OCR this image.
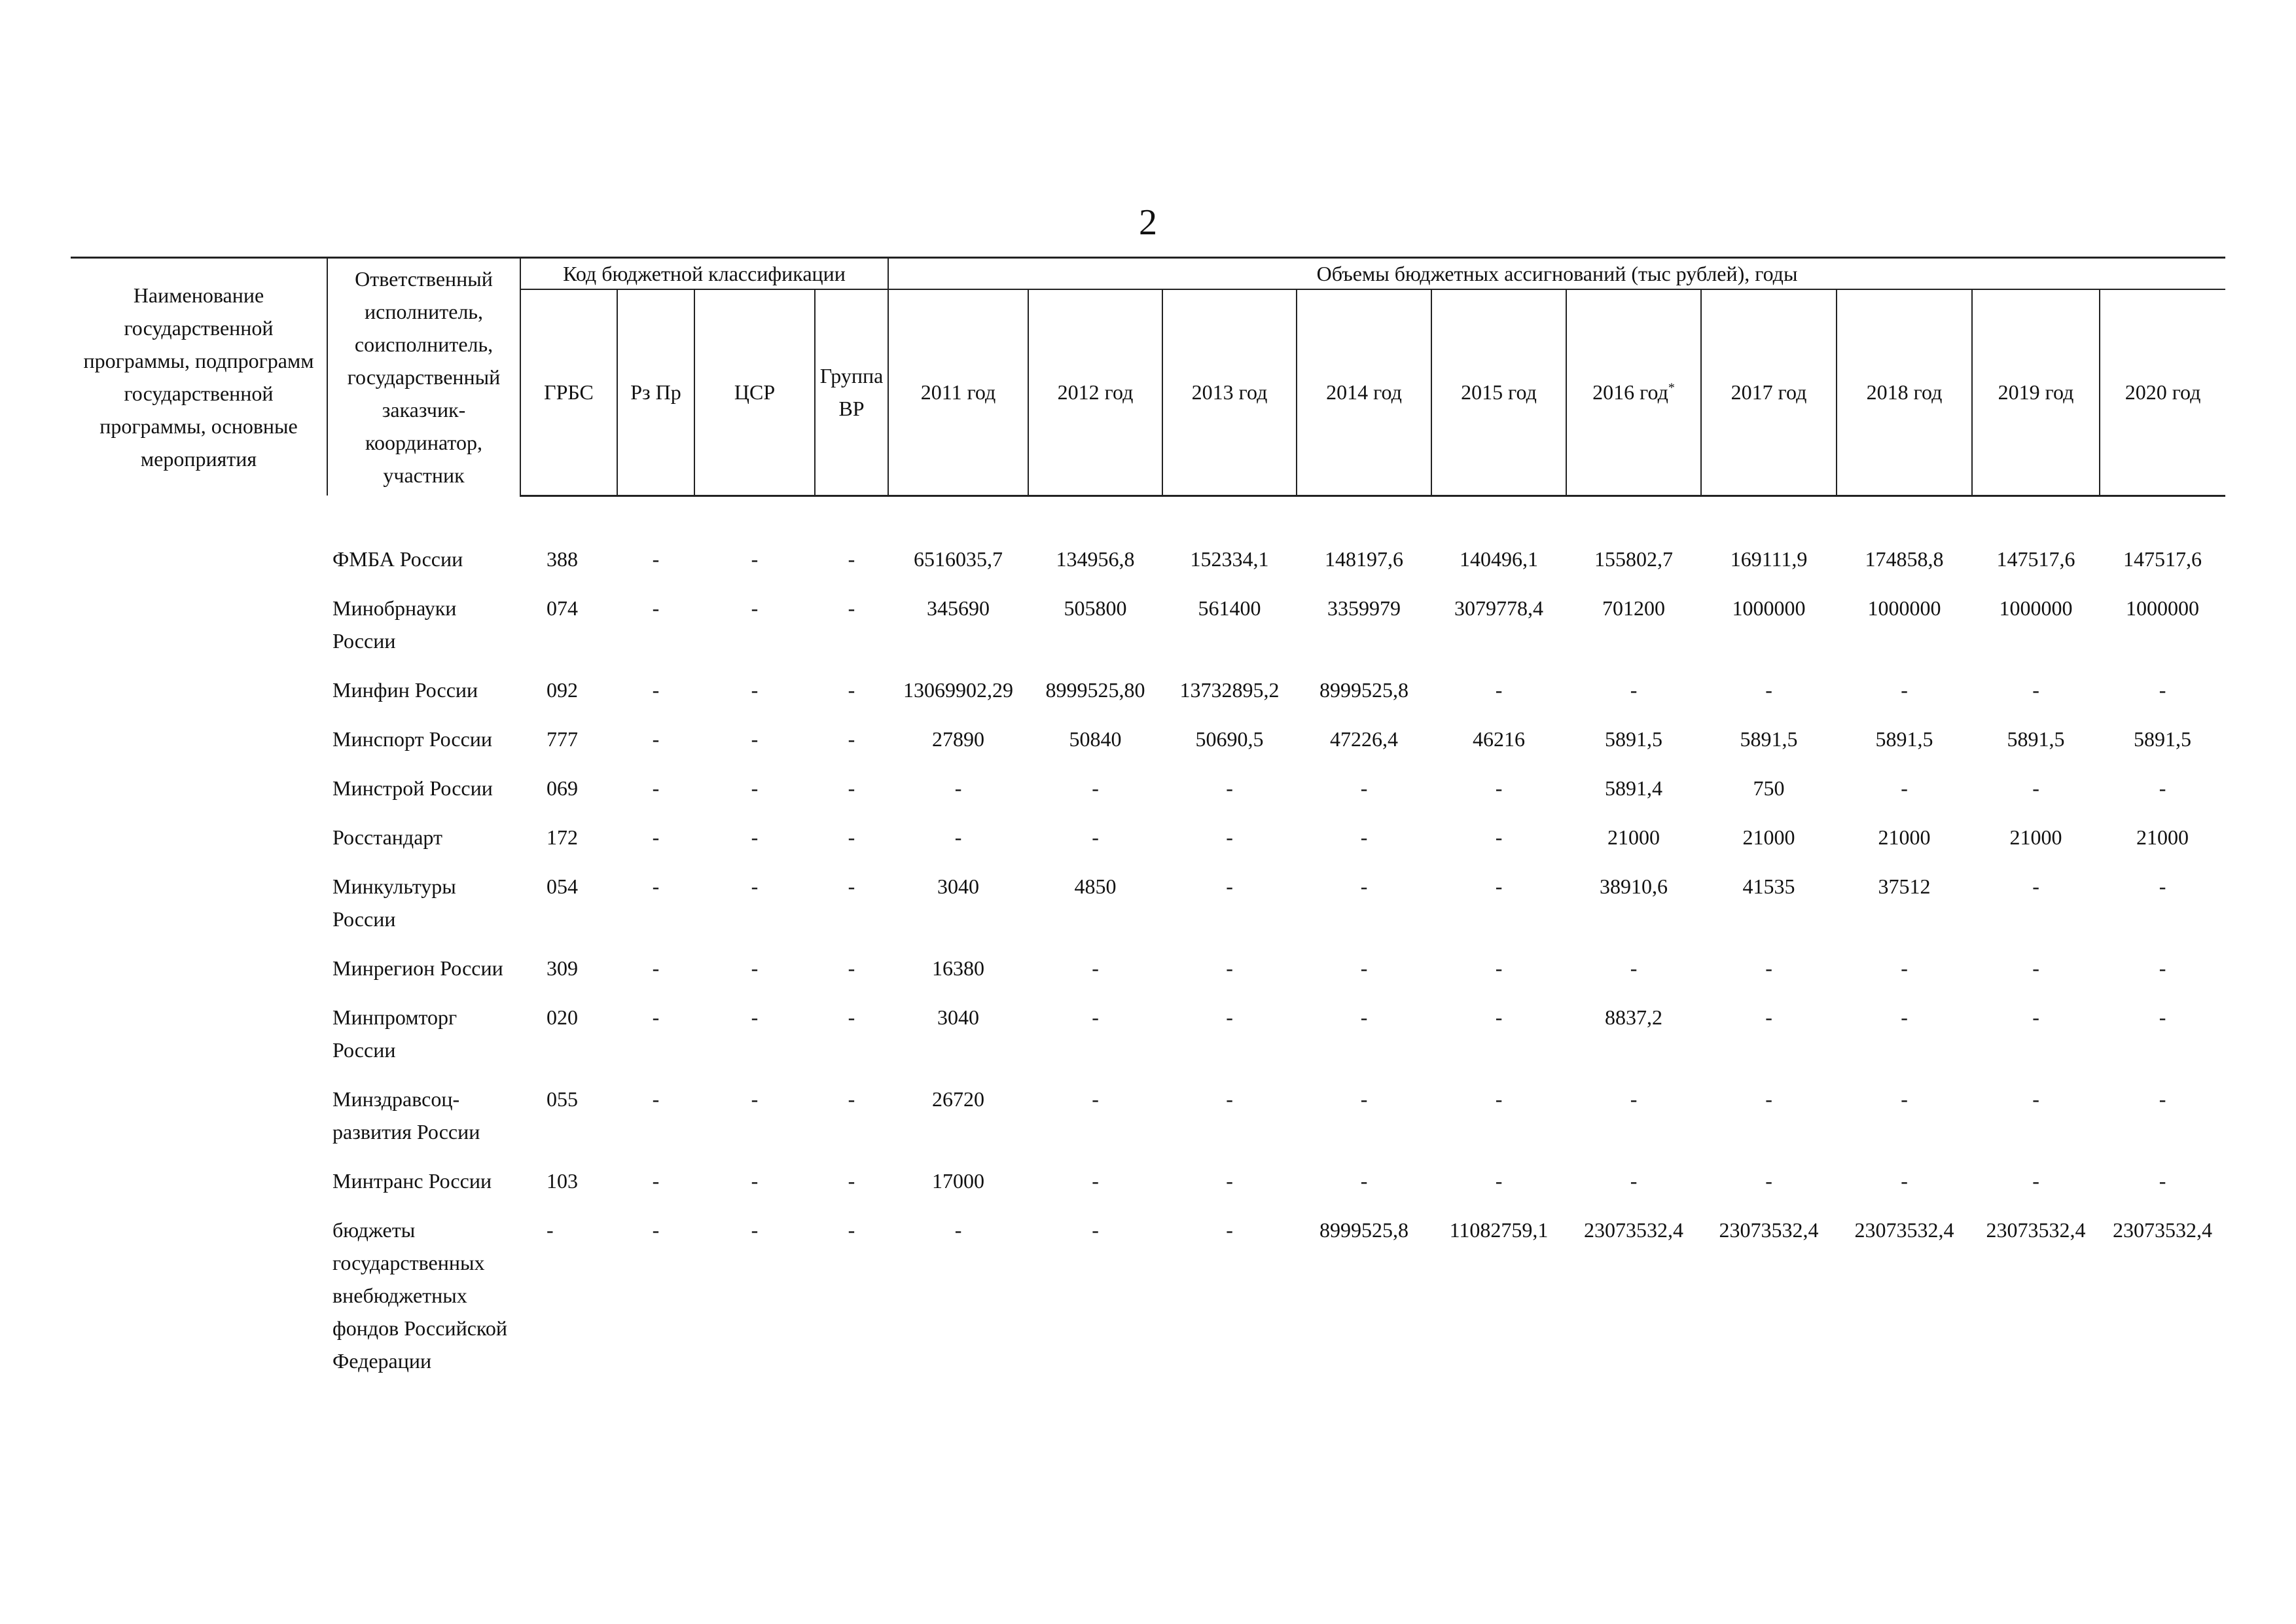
2
Наименование государственной программы, подпрограмм государственной программы, основные мероприятия	Ответственный исполнитель, соисполнитель, государственный заказчик-координатор, участник	Код бюджетной классификации				Объемы бюджетных ассигнований (тыс рублей), годы									
		ГРБС	Рз Пр	ЦСР	Группа ВР	2011 год	2012 год	2013 год	2014 год	2015 год	2016 год*	2017 год	2018 год	2019 год	2020 год

	ФМБА России	388	-	-	-	6516035,7	134956,8	152334,1	148197,6	140496,1	155802,7	169111,9	174858,8	147517,6	147517,6
	Минобрнауки России	074	-	-	-	345690	505800	561400	3359979	3079778,4	701200	1000000	1000000	1000000	1000000
	Минфин России	092	-	-	-	13069902,29	8999525,80	13732895,2	8999525,8	-	-	-	-	-	-
	Минспорт России	777	-	-	-	27890	50840	50690,5	47226,4	46216	5891,5	5891,5	5891,5	5891,5	5891,5
	Минстрой России	069	-	-	-	-	-	-	-	-	5891,4	750	-	-	-
	Росстандарт	172	-	-	-	-	-	-	-	-	21000	21000	21000	21000	21000
	Минкультуры России	054	-	-	-	3040	4850	-	-	-	38910,6	41535	37512	-	-
	Минрегион России	309	-	-	-	16380	-	-	-	-	-	-	-	-	-
	Минпромторг России	020	-	-	-	3040	-	-	-	-	8837,2	-	-	-	-
	Минздравсоц-развития России	055	-	-	-	26720	-	-	-	-	-	-	-	-	-
	Минтранс России	103	-	-	-	17000	-	-	-	-	-	-	-	-	-
	бюджеты государственных внебюджетных фондов Российской Федерации	-	-	-	-	-	-	-	8999525,8	11082759,1	23073532,4	23073532,4	23073532,4	23073532,4	23073532,4
